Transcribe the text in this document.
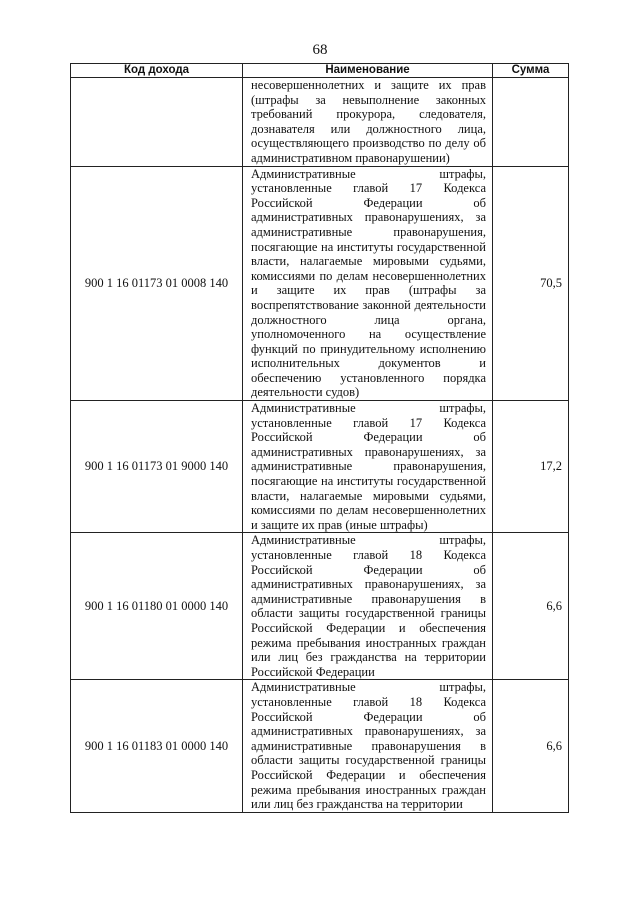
68
Код дохода	Наименование	Сумма
	несовершеннолетних и защите их прав (штрафы за невыполнение законных требований прокурора, следователя, дознавателя или должностного лица, осуществляющего производство по делу об административном правонарушении)	
900 1 16 01173 01 0008 140	Административные штрафы, установленные главой 17 Кодекса Российской Федерации об административных правонарушениях, за административные правонарушения, посягающие на институты государственной власти, налагаемые мировыми судьями, комиссиями по делам несовершеннолетних и защите их прав (штрафы за воспрепятствование законной деятельности должностного лица органа, уполномоченного на осуществление функций по принудительному исполнению исполнительных документов и обеспечению установленного порядка деятельности судов)	70,5
900 1 16 01173 01 9000 140	Административные штрафы, установленные главой 17 Кодекса Российской Федерации об административных правонарушениях, за административные правонарушения, посягающие на институты государственной власти, налагаемые мировыми судьями, комиссиями по делам несовершеннолетних и защите их прав (иные штрафы)	17,2
900 1 16 01180 01 0000 140	Административные штрафы, установленные главой 18 Кодекса Российской Федерации об административных правонарушениях, за административные правонарушения в области защиты государственной границы Российской Федерации и обеспечения режима пребывания иностранных граждан или лиц без гражданства на территории Российской Федерации	6,6
900 1 16 01183 01 0000 140	Административные штрафы, установленные главой 18 Кодекса Российской Федерации об административных правонарушениях, за административные правонарушения в области защиты государственной границы Российской Федерации и обеспечения режима пребывания иностранных граждан или лиц без гражданства на территории	6,6
